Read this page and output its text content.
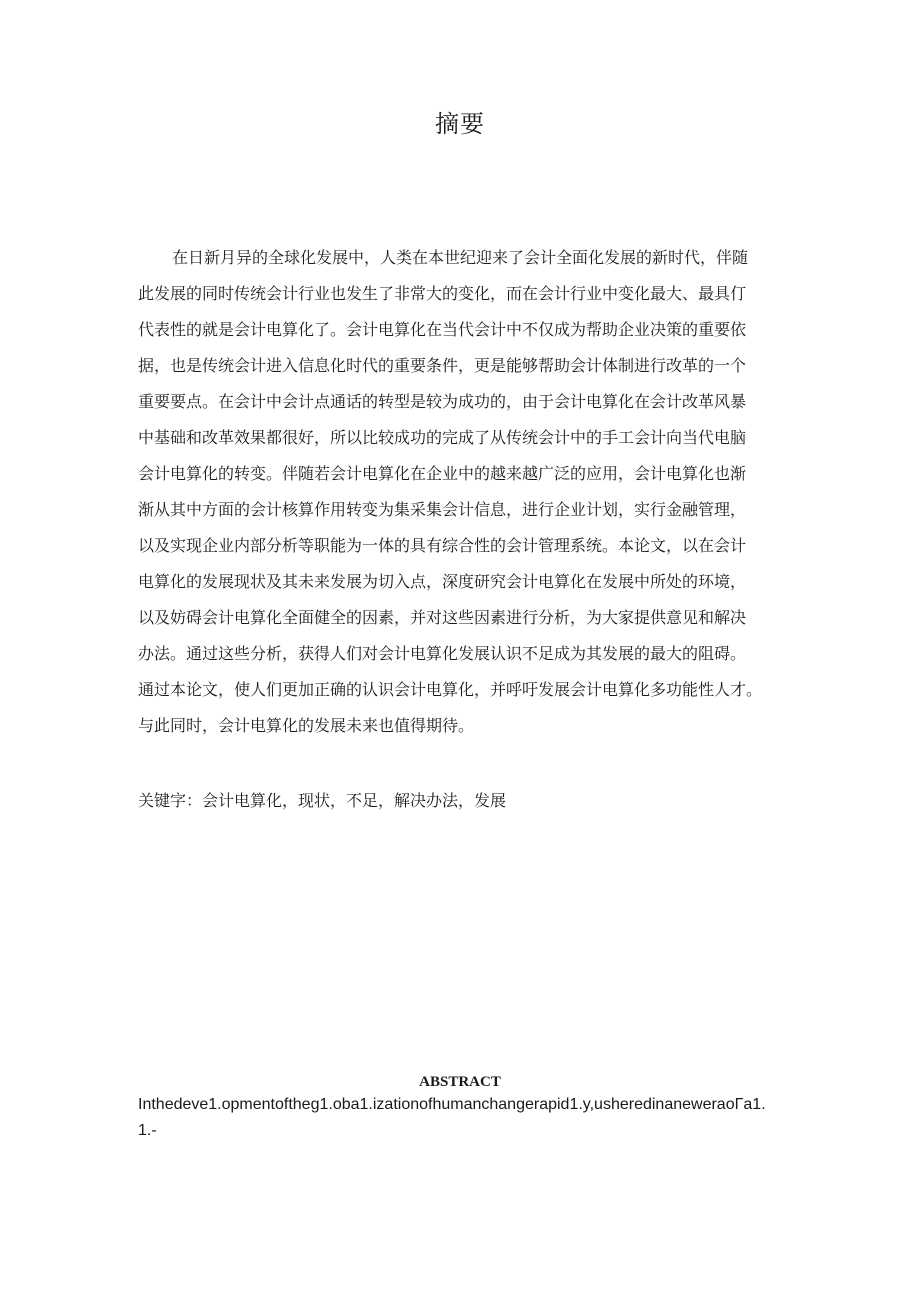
摘要
在日新月异的全球化发展中，人类在本世纪迎来了会计全面化发展的新时代，伴随
此发展的同时传统会计行业也发生了非常大的变化，而在会计行业中变化最大、最具仃
代表性的就是会计电算化了。会计电算化在当代会计中不仅成为帮助企业决策的重要依
据，也是传统会计进入信息化时代的重要条件，更是能够帮助会计体制进行改革的一个
重要要点。在会计中会计点通话的转型是较为成功的，由于会计电算化在会计改革风暴
中基础和改革效果都很好，所以比较成功的完成了从传统会计中的手工会计向当代电脑
会计电算化的转变。伴随若会计电算化在企业中的越来越广泛的应用，会计电算化也渐
渐从其中方面的会计核算作用转变为集采集会计信息，进行企业计划，实行金融管理，
以及实现企业内部分析等职能为一体的具有综合性的会计管理系统。本论文，以在会计
电算化的发展现状及其未来发展为切入点，深度研究会计电算化在发展中所处的环境，
以及妨碍会计电算化全面健全的因素，并对这些因素进行分析，为大家提供意见和解决
办法。通过这些分析，获得人们对会计电算化发展认识不足成为其发展的最大的阻碍。
通过本论文，使人们更加正确的认识会计电算化，并呼吁发展会计电算化多功能性人才。
与此同时，会计电算化的发展未来也值得期待。
关键字：会计电算化，现状，不足，解决办法，发展
ABSTRACT
Inthedeve1.opmentoftheg1.oba1.izationofhumanchangerapid1.y,usheredinaneweraoΓa1.
1.-
